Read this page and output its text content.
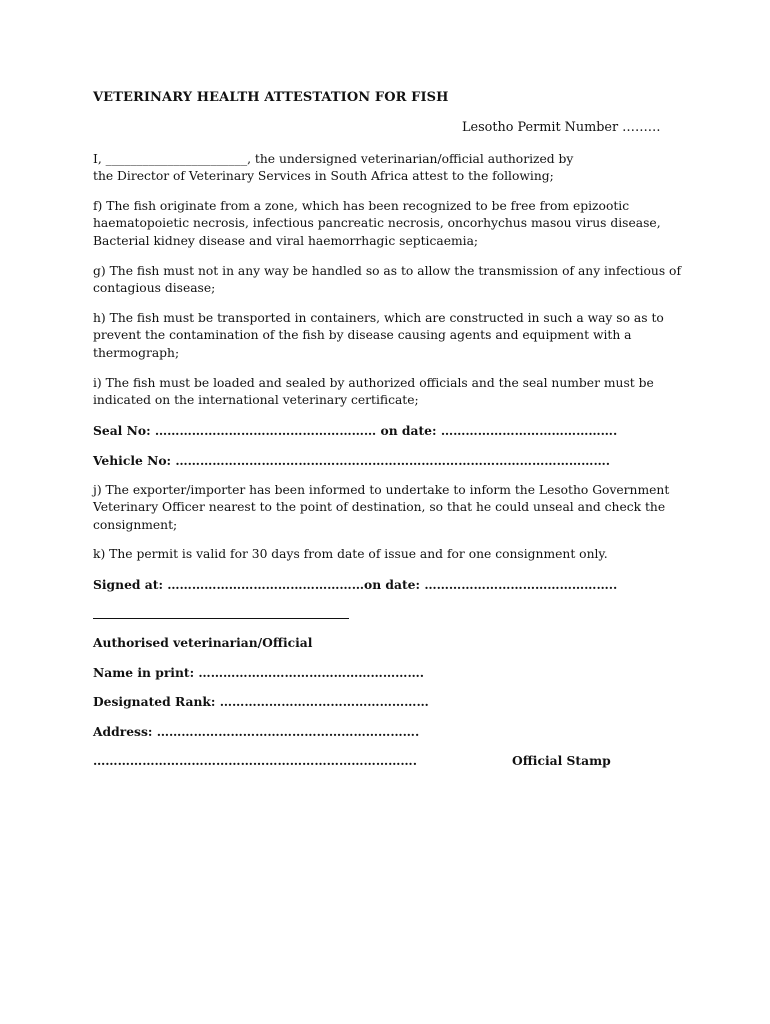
VETERINARY HEALTH ATTESTATION FOR FISH

Lesotho Permit Number ………

I, _______________________, the undersigned veterinarian/official authorized by

the Director of Veterinary Services in South Africa attest to the following;

f) The fish originate from a zone, which has been recognized to be free from epizootic haematopoietic necrosis, infectious pancreatic necrosis, oncorhychus masou virus disease, Bacterial kidney disease and viral haemorrhagic septicaemia;

g) The fish must not in any way be handled so as to allow the transmission of any infectious of contagious disease;

h) The fish must be transported in containers, which are constructed in such a way so as to prevent the contamination of the fish by disease causing agents and equipment with a thermograph;

i) The fish must be loaded and sealed by authorized officials and the seal number must be indicated on the international veterinary certificate;

Seal No: ……………………………………………… on date: …………………………………….

Vehicle No: …………………………………………………………………………………………….

j) The exporter/importer has been informed to undertake to inform the Lesotho Government Veterinary Officer nearest to the point of destination, so that he could unseal and check the consignment;

k) The permit is valid for 30 days from date of issue and for one consignment only.

Signed at: …………………………………………on date: ………………………………………..

Authorised veterinarian/Official

Name in print: ……………………………………………….

Designated Rank: ……………………………………………

Address: ……………………………………………………….

…………………………………………………………………….	Official Stamp
